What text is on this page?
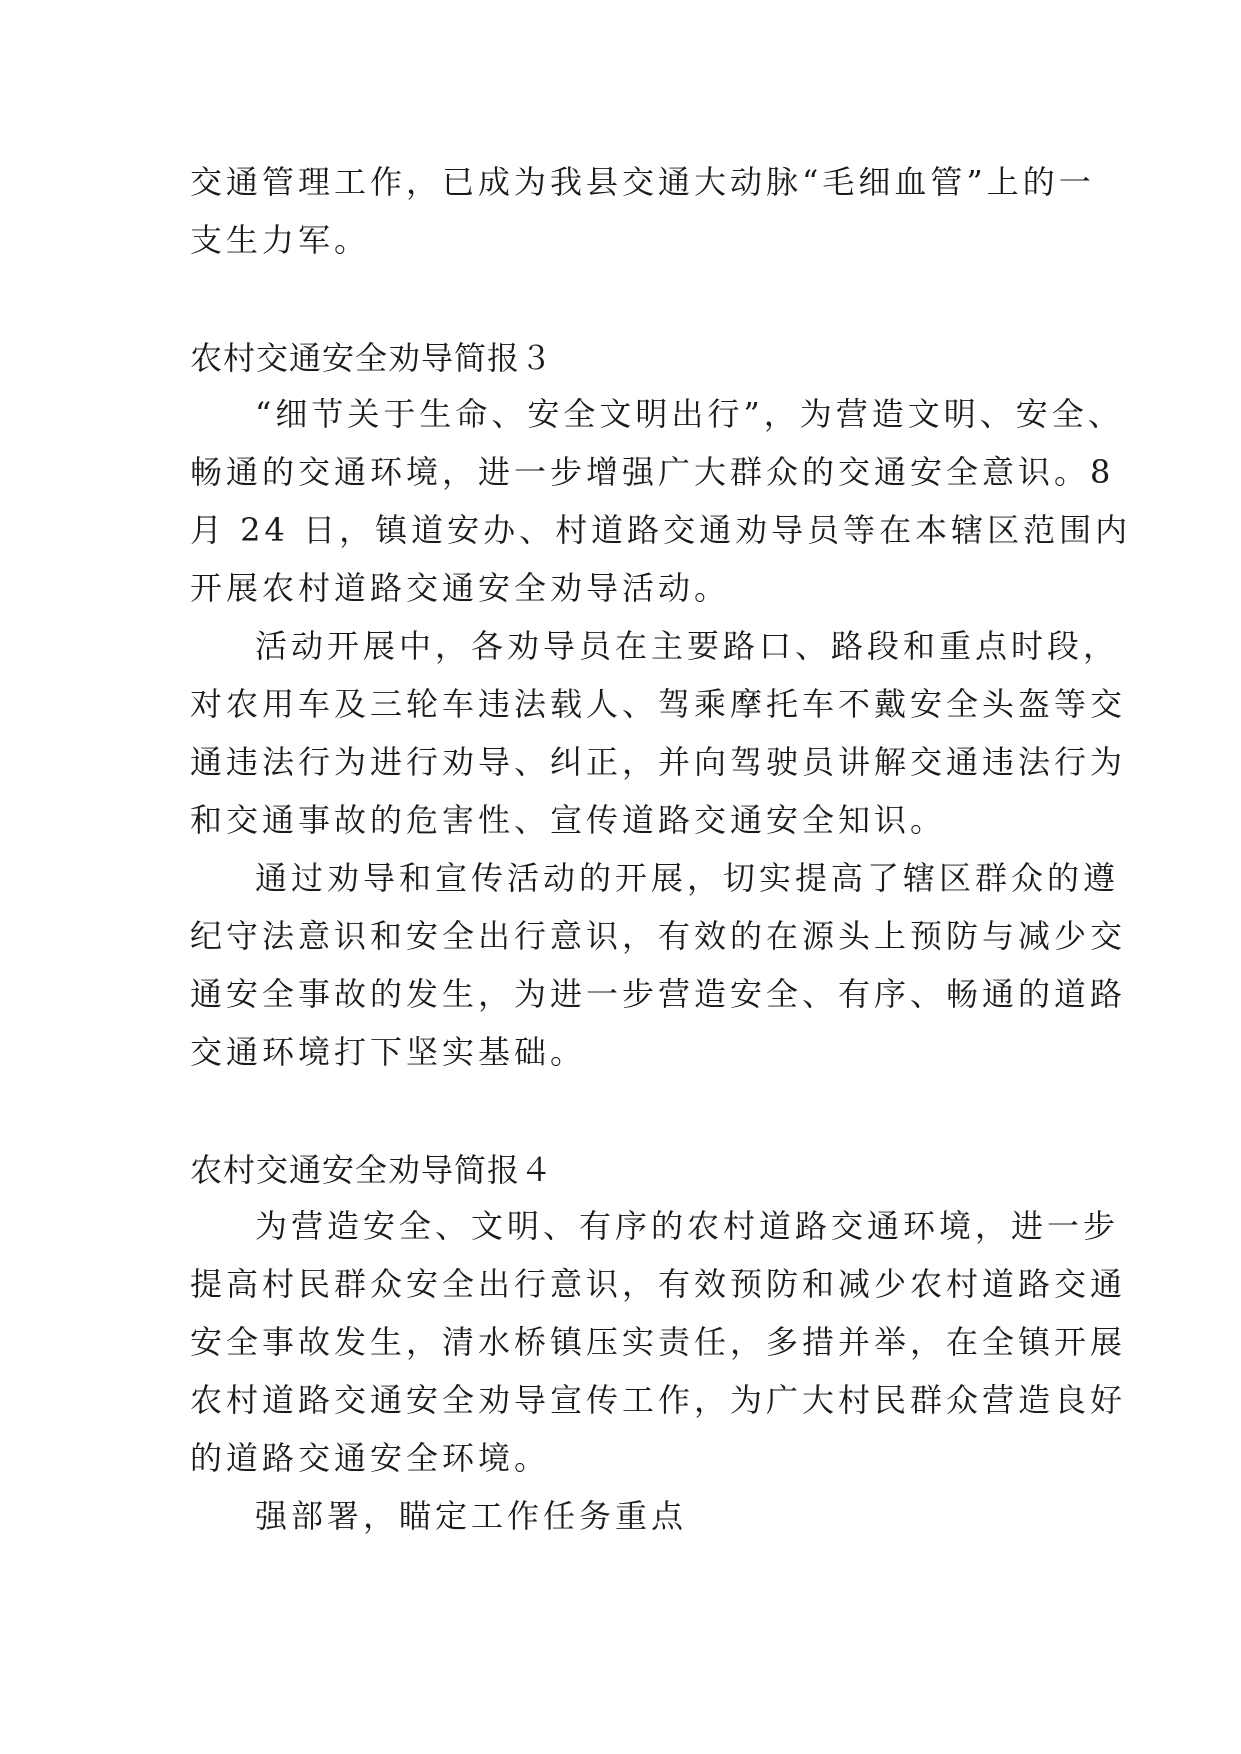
交通管理工作，已成为我县交通大动脉“毛细血管”上的一
支生力军。
农村交通安全劝导简报３
“细节关于生命、安全文明出行”，为营造文明、安全、
畅通的交通环境，进一步增强广大群众的交通安全意识。8
月 24 日，镇道安办、村道路交通劝导员等在本辖区范围内
开展农村道路交通安全劝导活动。
活动开展中，各劝导员在主要路口、路段和重点时段，
对农用车及三轮车违法载人、驾乘摩托车不戴安全头盔等交
通违法行为进行劝导、纠正，并向驾驶员讲解交通违法行为
和交通事故的危害性、宣传道路交通安全知识。
通过劝导和宣传活动的开展，切实提高了辖区群众的遵
纪守法意识和安全出行意识，有效的在源头上预防与减少交
通安全事故的发生，为进一步营造安全、有序、畅通的道路
交通环境打下坚实基础。
农村交通安全劝导简报４
为营造安全、文明、有序的农村道路交通环境，进一步
提高村民群众安全出行意识，有效预防和减少农村道路交通
安全事故发生，清水桥镇压实责任，多措并举，在全镇开展
农村道路交通安全劝导宣传工作，为广大村民群众营造良好
的道路交通安全环境。
强部署，瞄定工作任务重点
